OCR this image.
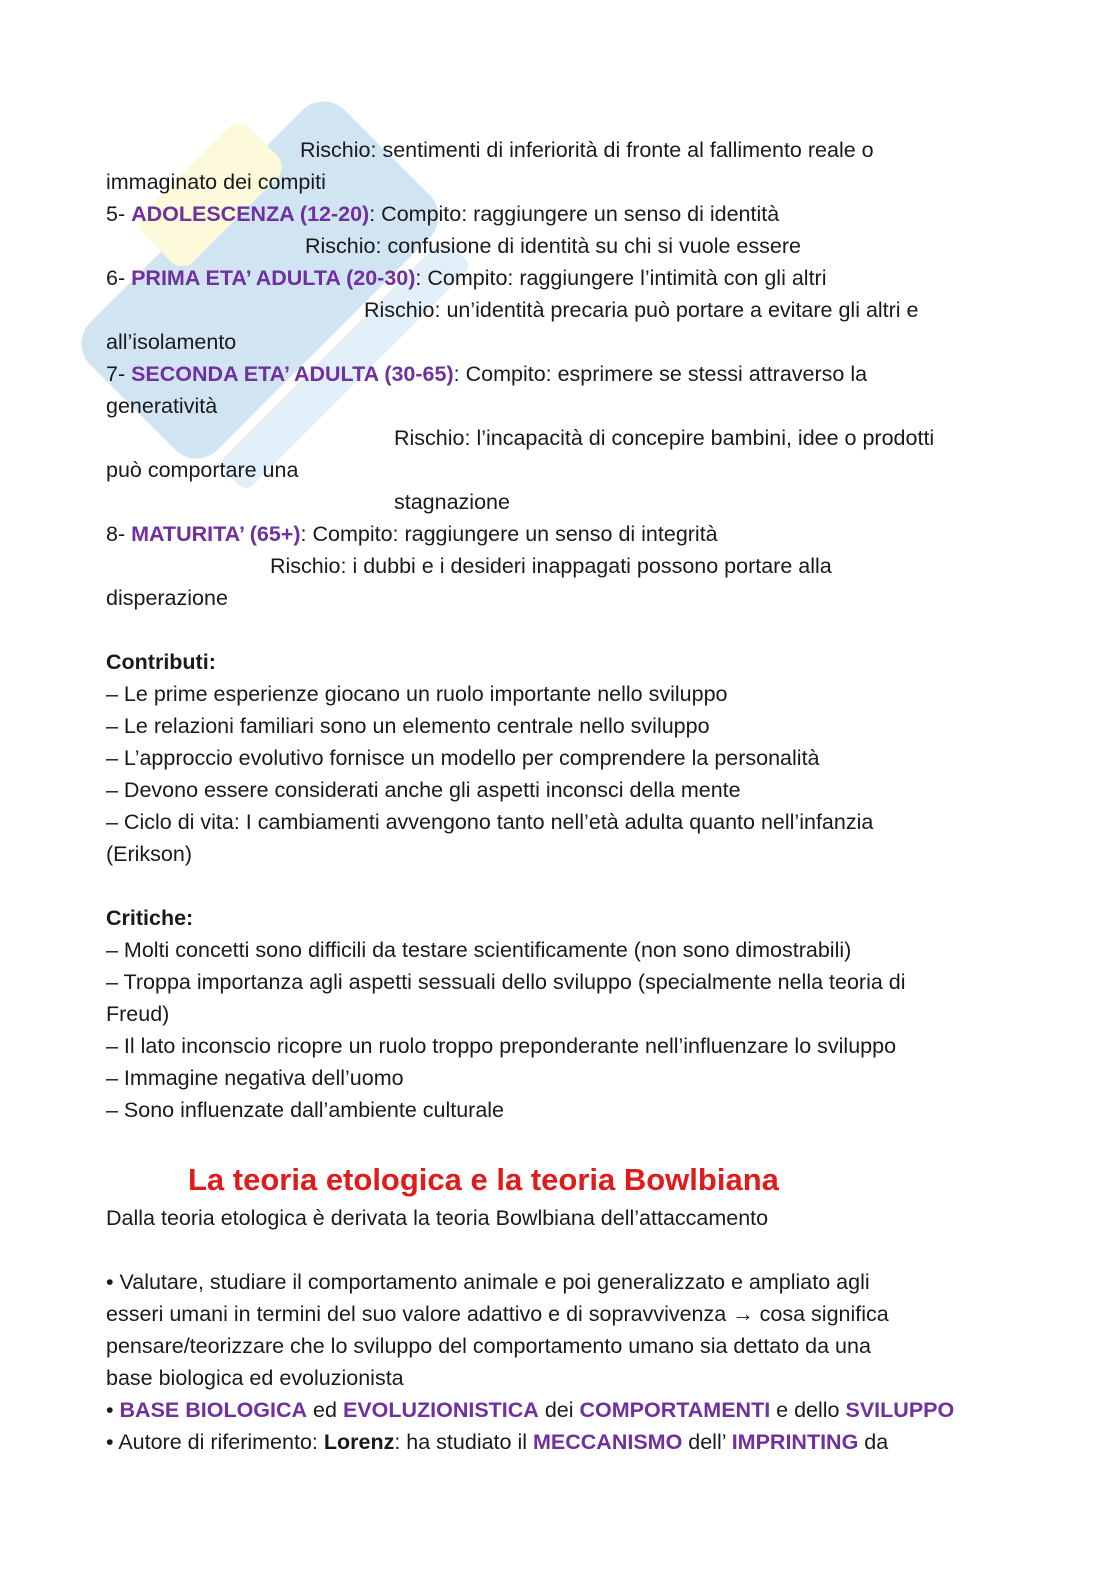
Rischio: sentimenti di inferiorità di fronte al fallimento reale o

immaginato dei compiti

5- ADOLESCENZA (12-20): Compito: raggiungere un senso di identità

Rischio: confusione di identità su chi si vuole essere

6- PRIMA ETA’ ADULTA (20-30): Compito: raggiungere l’intimità con gli altri

Rischio: un’identità precaria può portare a evitare gli altri e

all’isolamento

7- SECONDA ETA’ ADULTA (30-65): Compito: esprimere se stessi attraverso la

generatività

Rischio: l’incapacità di concepire bambini, idee o prodotti

può comportare una

stagnazione

8- MATURITA’ (65+): Compito: raggiungere un senso di integrità

Rischio: i dubbi e i desideri inappagati possono portare alla

disperazione

Contributi:

– Le prime esperienze giocano un ruolo importante nello sviluppo

– Le relazioni familiari sono un elemento centrale nello sviluppo

– L’approccio evolutivo fornisce un modello per comprendere la personalità

– Devono essere considerati anche gli aspetti inconsci della mente

– Ciclo di vita: I cambiamenti avvengono tanto nell’età adulta quanto nell’infanzia

(Erikson)

Critiche:

– Molti concetti sono difficili da testare scientificamente (non sono dimostrabili)

– Troppa importanza agli aspetti sessuali dello sviluppo (specialmente nella teoria di

Freud)

– Il lato inconscio ricopre un ruolo troppo preponderante nell’influenzare lo sviluppo

– Immagine negativa dell’uomo

– Sono influenzate dall’ambiente culturale

La teoria etologica e la teoria Bowlbiana

Dalla teoria etologica è derivata la teoria Bowlbiana dell’attaccamento

• Valutare, studiare il comportamento animale e poi generalizzato e ampliato agli

esseri umani in termini del suo valore adattivo e di sopravvivenza → cosa significa

pensare/teorizzare che lo sviluppo del comportamento umano sia dettato da una

base biologica ed evoluzionista

• BASE BIOLOGICA ed EVOLUZIONISTICA dei COMPORTAMENTI e dello SVILUPPO

• Autore di riferimento: Lorenz: ha studiato il MECCANISMO dell’ IMPRINTING da
